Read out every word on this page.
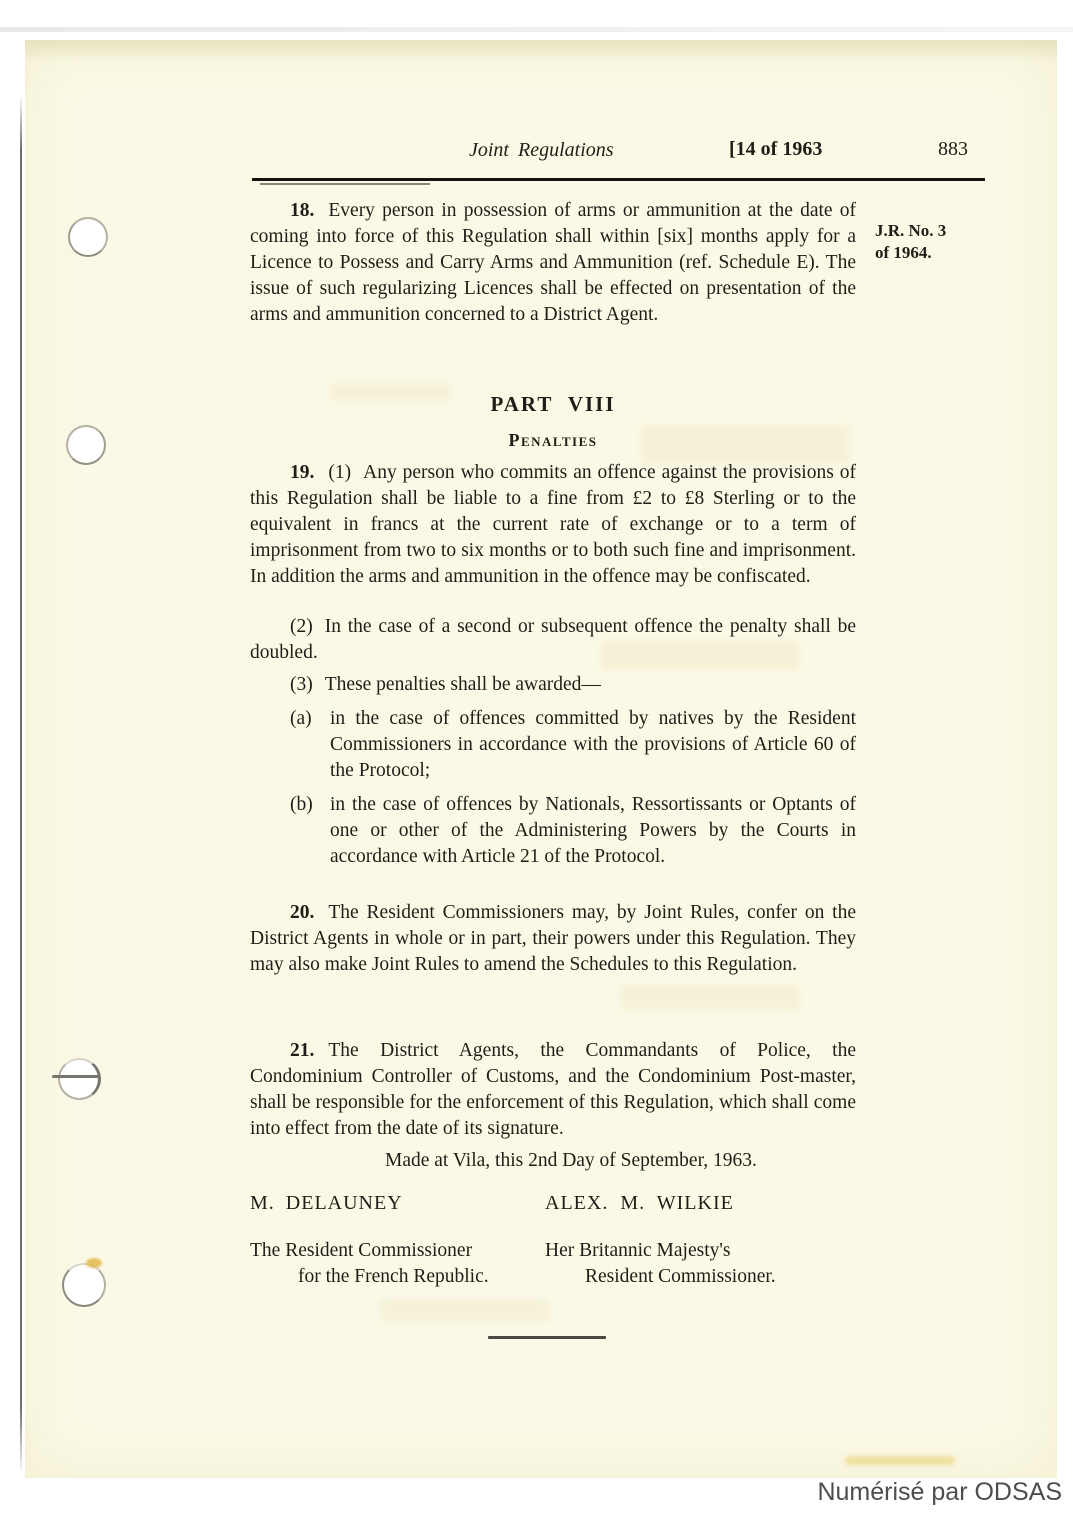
Joint Regulations	[14 of 1963	883
18. Every person in possession of arms or ammunition at the date of coming into force of this Regulation shall within [six] months apply for a Licence to Possess and Carry Arms and Ammunition (ref. Schedule E). The issue of such regularizing Licences shall be effected on presentation of the arms and ammunition concerned to a District Agent.
J.R. No. 3
of 1964.
PART VIII
Penalties
19. (1) Any person who commits an offence against the provisions of this Regulation shall be liable to a fine from £2 to £8 Sterling or to the equivalent in francs at the current rate of exchange or to a term of imprisonment from two to six months or to both such fine and imprisonment. In addition the arms and ammunition in the offence may be confiscated.
(2) In the case of a second or subsequent offence the penalty shall be doubled.
(3) These penalties shall be awarded—
(a) in the case of offences committed by natives by the Resident Commissioners in accordance with the provisions of Article 60 of the Protocol;
(b) in the case of offences by Nationals, Ressortissants or Optants of one or other of the Administering Powers by the Courts in accordance with Article 21 of the Protocol.
20. The Resident Commissioners may, by Joint Rules, confer on the District Agents in whole or in part, their powers under this Regulation. They may also make Joint Rules to amend the Schedules to this Regulation.
21. The District Agents, the Commandants of Police, the Condominium Controller of Customs, and the Condominium Post-master, shall be responsible for the enforcement of this Regulation, which shall come into effect from the date of its signature.
Made at Vila, this 2nd Day of September, 1963.
M. DELAUNEY	ALEX. M. WILKIE
The Resident Commissioner
for the French Republic.
Her Britannic Majesty's
Resident Commissioner.
Numérisé par ODSAS
